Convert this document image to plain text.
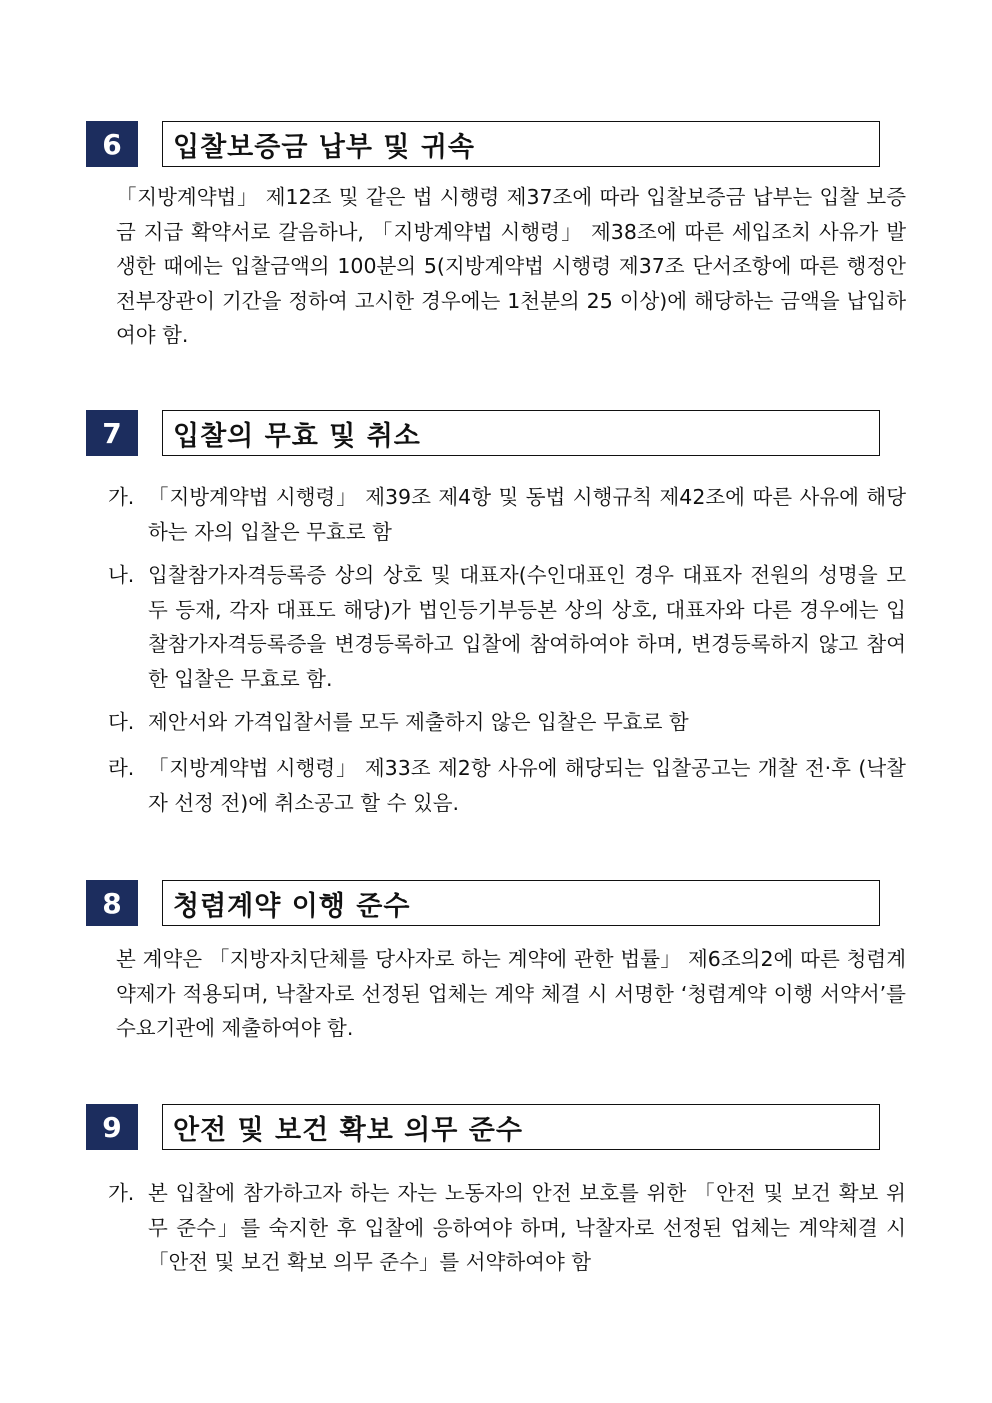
6	입찰보증금 납부 및 귀속

「지방계약법」 제12조 및 같은 법 시행령 제37조에 따라 입찰보증금 납부는 입찰 보증금 지급 확약서로 갈음하나, 「지방계약법 시행령」 제38조에 따른 세입조치 사유가 발생한 때에는 입찰금액의 100분의 5(지방계약법 시행령 제37조 단서조항에 따른 행정안전부장관이 기간을 정하여 고시한 경우에는 1천분의 25 이상)에 해당하는 금액을 납입하여야 함.

7	입찰의 무효 및 취소
가. 「지방계약법 시행령」 제39조 제4항 및 동법 시행규칙 제42조에 따른 사유에 해당하는 자의 입찰은 무효로 함
나. 입찰참가자격등록증 상의 상호 및 대표자(수인대표인 경우 대표자 전원의 성명을 모두 등재, 각자 대표도 해당)가 법인등기부등본 상의 상호, 대표자와 다른 경우에는 입찰참가자격등록증을 변경등록하고 입찰에 참여하여야 하며, 변경등록하지 않고 참여한 입찰은 무효로 함.
다. 제안서와 가격입찰서를 모두 제출하지 않은 입찰은 무효로 함
라. 「지방계약법 시행령」 제33조 제2항 사유에 해당되는 입찰공고는 개찰 전·후 (낙찰자 선정 전)에 취소공고 할 수 있음.
8	청렴계약 이행 준수

본 계약은 「지방자치단체를 당사자로 하는 계약에 관한 법률」 제6조의2에 따른 청렴계약제가 적용되며, 낙찰자로 선정된 업체는 계약 체결 시 서명한 ‘청렴계약 이행 서약서’를 수요기관에 제출하여야 함.

9	안전 및 보건 확보 의무 준수
가. 본 입찰에 참가하고자 하는 자는 노동자의 안전 보호를 위한 「안전 및 보건 확보 위무 준수」를 숙지한 후 입찰에 응하여야 하며, 낙찰자로 선정된 업체는 계약체결 시 「안전 및 보건 확보 의무 준수」를 서약하여야 함
